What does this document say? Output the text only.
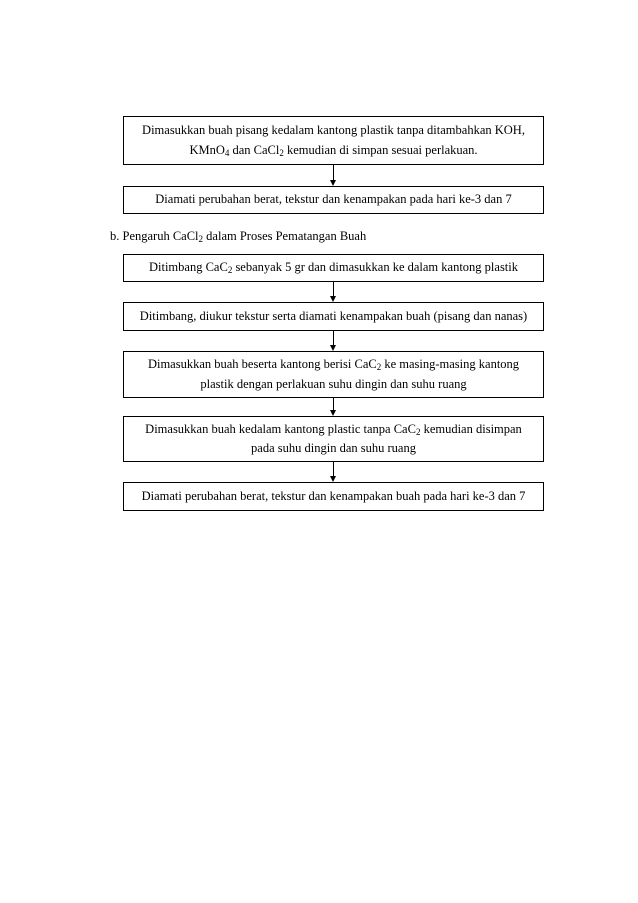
Dimasukkan buah pisang kedalam kantong plastik tanpa ditambahkan KOH, KMnO$_4$ dan CaCl$_2$ kemudian di simpan sesuai perlakuan.
Diamati perubahan berat, tekstur dan kenampakan pada hari ke-3 dan 7
b. Pengaruh CaCl$_2$ dalam Proses Pematangan Buah
Ditimbang CaC$_2$ sebanyak 5 gr dan dimasukkan ke dalam kantong plastik
Ditimbang, diukur tekstur serta diamati kenampakan buah (pisang dan nanas)
Dimasukkan buah beserta kantong berisi CaC$_2$ ke masing-masing kantong plastik dengan perlakuan suhu dingin dan suhu ruang
Dimasukkan buah kedalam kantong plastic tanpa CaC$_2$ kemudian disimpan pada suhu dingin dan suhu ruang
Diamati perubahan berat, tekstur dan kenampakan buah pada hari ke-3 dan 7
